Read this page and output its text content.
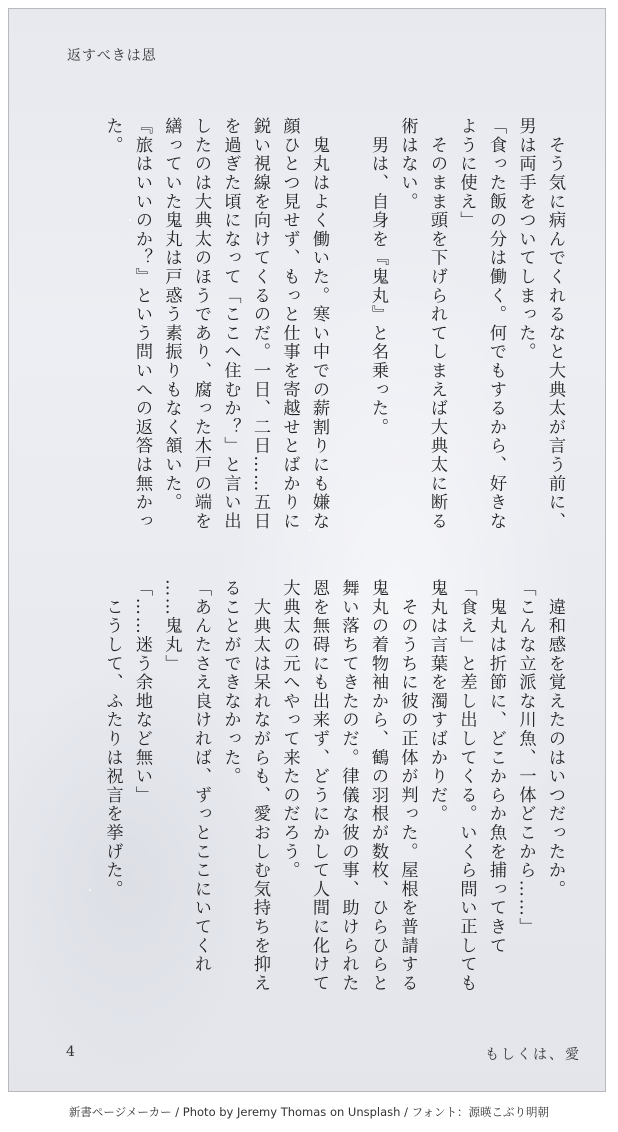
返すべきは恩
　そう気に病んでくれるなと大典太が言う前に、
男は両手をついてしまった。
「食った飯の分は働く。何でもするから、好きな
ように使え」
　そのまま頭を下げられてしまえば大典太に断る
術はない。
　男は、自身を『鬼丸』と名乗った。

　鬼丸はよく働いた。寒い中での薪割りにも嫌な
顔ひとつ見せず、もっと仕事を寄越せとばかりに
鋭い視線を向けてくるのだ。一日、二日……五日
を過ぎた頃になって「ここへ住むか？」と言い出
したのは大典太のほうであり、腐った木戸の端を
繕っていた鬼丸は戸惑う素振りもなく頷いた。
『旅はいいのか？』という問いへの返答は無かっ
た。
　違和感を覚えたのはいつだったか。
「こんな立派な川魚、一体どこから……」
　鬼丸は折節に、どこからか魚を捕ってきて
「食え」と差し出してくる。いくら問い正しても
鬼丸は言葉を濁すばかりだ。
　そのうちに彼の正体が判った。屋根を普請する
鬼丸の着物袖から、鶴の羽根が数枚、ひらひらと
舞い落ちてきたのだ。律儀な彼の事、助けられた
恩を無碍にも出来ず、どうにかして人間に化けて
大典太の元へやって来たのだろう。
　大典太は呆れながらも、愛おしむ気持ちを抑え
ることができなかった。
「あんたさえ良ければ、ずっとここにいてくれ
……鬼丸」
「……迷う余地など無い」
　こうして、ふたりは祝言を挙げた。
4	もしくは、愛
新書ページメーカー / Photo by Jeremy Thomas on Unsplash / フォント：源暎こぶり明朝
